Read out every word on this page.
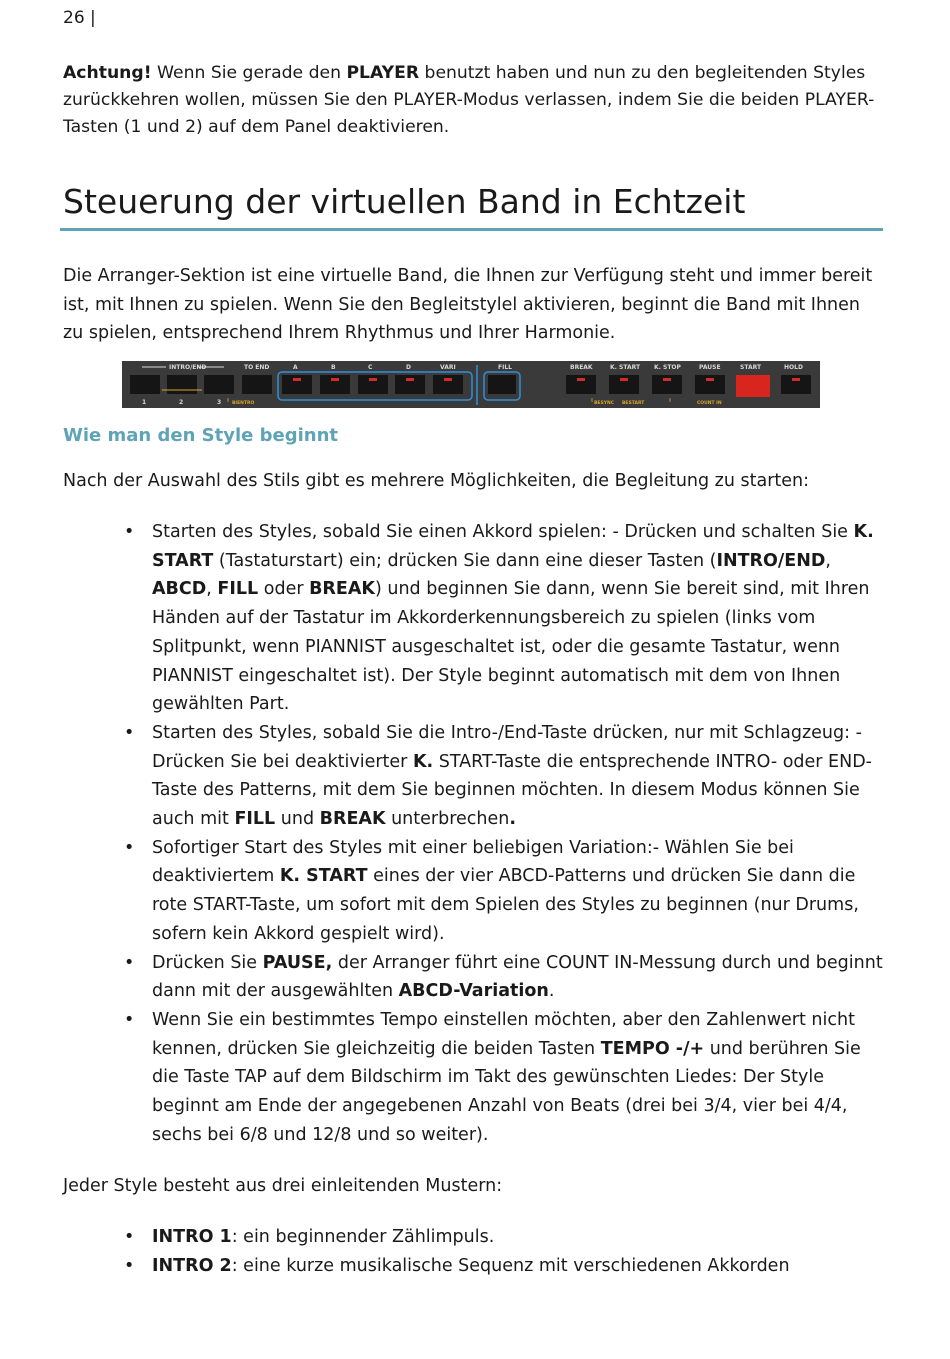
26 |

Achtung! Wenn Sie gerade den PLAYER benutzt haben und nun zu den begleitenden Styles zurückkehren wollen, müssen Sie den PLAYER-Modus verlassen, indem Sie die beiden PLAYER-Tasten (1 und 2) auf dem Panel deaktivieren.

Steuerung der virtuellen Band in Echtzeit

Die Arranger-Sektion ist eine virtuelle Band, die Ihnen zur Verfügung steht und immer bereit ist, mit Ihnen zu spielen. Wenn Sie den Begleitstylel aktivieren, beginnt die Band mit Ihnen zu spielen, entsprechend Ihrem Rhythmus und Ihrer Harmonie.

INTRO/END	TO END	A	B	C	D	VARI	FILL	BREAK	K. START K. STOP	PAUSE	START	HOLD
1	2	3 BIENTRO	BESYNC BESTART	COUNT IN
Wie man den Style beginnt

Nach der Auswahl des Stils gibt es mehrere Möglichkeiten, die Begleitung zu starten:

• Starten des Styles, sobald Sie einen Akkord spielen: - Drücken und schalten Sie K. START (Tastaturstart) ein; drücken Sie dann eine dieser Tasten (INTRO/END, ABCD, FILL oder BREAK) und beginnen Sie dann, wenn Sie bereit sind, mit Ihren Händen auf der Tastatur im Akkorderkennungsbereich zu spielen (links vom Splitpunkt, wenn PIANNIST ausgeschaltet ist, oder die gesamte Tastatur, wenn PIANNIST eingeschaltet ist). Der Style beginnt automatisch mit dem von Ihnen gewählten Part.
• Starten des Styles, sobald Sie die Intro-/End-Taste drücken, nur mit Schlagzeug: - Drücken Sie bei deaktivierter K. START-Taste die entsprechende INTRO- oder END-Taste des Patterns, mit dem Sie beginnen möchten. In diesem Modus können Sie auch mit FILL und BREAK unterbrechen.
• Sofortiger Start des Styles mit einer beliebigen Variation:- Wählen Sie bei deaktiviertem K. START eines der vier ABCD-Patterns und drücken Sie dann die rote START-Taste, um sofort mit dem Spielen des Styles zu beginnen (nur Drums, sofern kein Akkord gespielt wird).
• Drücken Sie PAUSE, der Arranger führt eine COUNT IN-Messung durch und beginnt dann mit der ausgewählten ABCD-Variation.
• Wenn Sie ein bestimmtes Tempo einstellen möchten, aber den Zahlenwert nicht kennen, drücken Sie gleichzeitig die beiden Tasten TEMPO -/+ und berühren Sie die Taste TAP auf dem Bildschirm im Takt des gewünschten Liedes: Der Style beginnt am Ende der angegebenen Anzahl von Beats (drei bei 3/4, vier bei 4/4, sechs bei 6/8 und 12/8 und so weiter).

Jeder Style besteht aus drei einleitenden Mustern:

• INTRO 1: ein beginnender Zählimpuls.
• INTRO 2: eine kurze musikalische Sequenz mit verschiedenen Akkorden
